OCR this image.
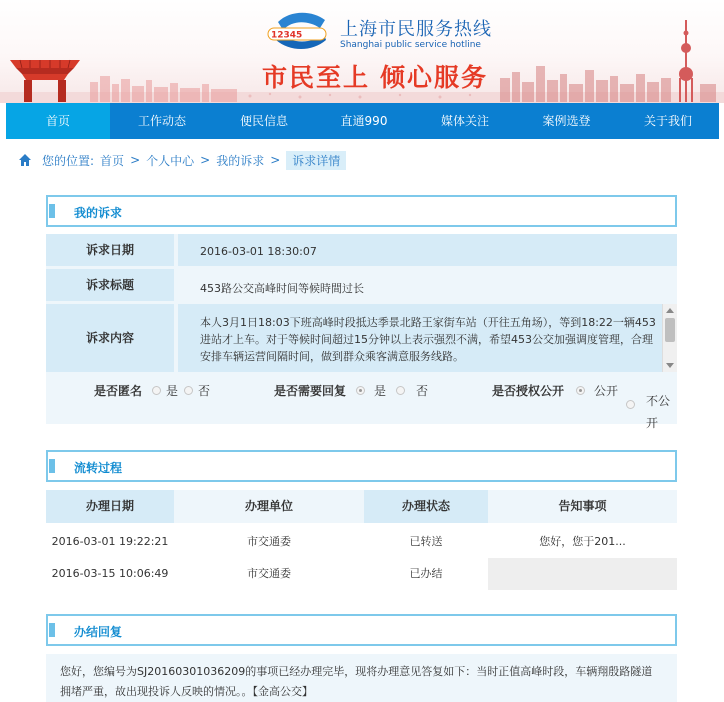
12345 上海市民服务热线
Shanghai public service hotline
市民至上 倾心服务
首页	工作动态	便民信息	直通990	媒体关注	案例选登	关于我们
您的位置: 首页 > 个人中心 > 我的诉求 >	诉求详情
我的诉求
诉求日期	2016-03-01 18:30:07
诉求标题	453路公交高峰时间等候時間过长
诉求内容
本人3月1日18:03下班高峰时段抵达季景北路王家街车站（开往五角场），等到18:22一辆453进站才上车。对于等候时间超过15分钟以上表示强烈不满，希望453公交加强调度管理，合理安排车辆运营间隔时间，做到群众乘客满意服务线路。
是否匿名 是 否	是否需要回复 是 否	是否授权公开 公开
不公开
流转过程
办理日期	办理单位	办理状态	告知事项
2016-03-01 19:22:21	市交通委	已转送	您好，您于201...
2016-03-15 10:06:49	市交通委	已办结
办结回复
您好，您编号为SJ20160301036209的事项已经办理完毕，现将办理意见答复如下：当时正值高峰时段，车辆翔殷路隧道拥堵严重，故出现投诉人反映的情况。。【金高公交】
